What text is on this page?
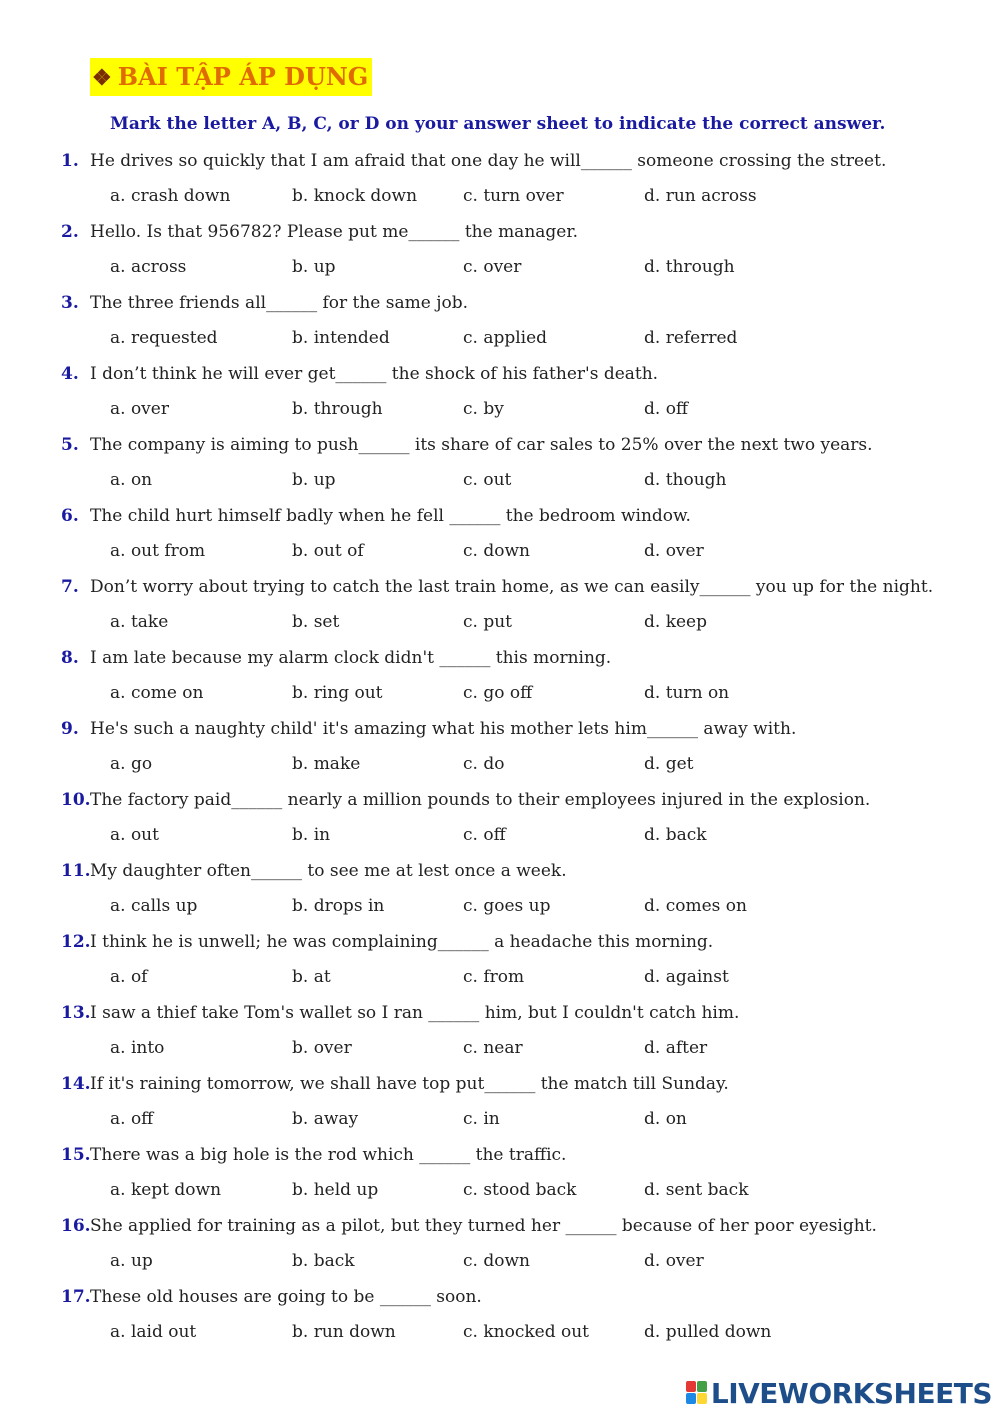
❖ BÀI TẬP ÁP DỤNG
Mark the letter A, B, C, or D on your answer sheet to indicate the correct answer.
1. He drives so quickly that I am afraid that one day he will______ someone crossing the street.
a. crash down	b. knock down	c. turn over	d. run across
2. Hello. Is that 956782? Please put me______ the manager.
a. across	b. up	c. over	d. through
3. The three friends all______ for the same job.
a. requested	b. intended	c. applied	d. referred
4. I don’t think he will ever get______ the shock of his father's death.
a. over	b. through	c. by	d. off
5. The company is aiming to push______ its share of car sales to 25% over the next two years.
a. on	b. up	c. out	d. though
6. The child hurt himself badly when he fell ______ the bedroom window.
a. out from	b. out of	c. down	d. over
7. Don’t worry about trying to catch the last train home, as we can easily______ you up for the night.
a. take	b. set	c. put	d. keep
8. I am late because my alarm clock didn't ______ this morning.
a. come on	b. ring out	c. go off	d. turn on
9. He's such a naughty child' it's amazing what his mother lets him______ away with.
a. go	b. make	c. do	d. get
10. The factory paid______ nearly a million pounds to their employees injured in the explosion.
a. out	b. in	c. off	d. back
11. My daughter often______ to see me at lest once a week.
a. calls up	b. drops in	c. goes up	d. comes on
12. I think he is unwell; he was complaining______ a headache this morning.
a. of	b. at	c. from	d. against
13. I saw a thief take Tom's wallet so I ran ______ him, but I couldn't catch him.
a. into	b. over	c. near	d. after
14. If it's raining tomorrow, we shall have top put______ the match till Sunday.
a. off	b. away	c. in	d. on
15. There was a big hole is the rod which ______ the traffic.
a. kept down	b. held up	c. stood back	d. sent back
16. She applied for training as a pilot, but they turned her ______ because of her poor eyesight.
a. up	b. back	c. down	d. over
17. These old houses are going to be ______ soon.
a. laid out	b. run down	c. knocked out	d. pulled down
LIVEWORKSHEETS
